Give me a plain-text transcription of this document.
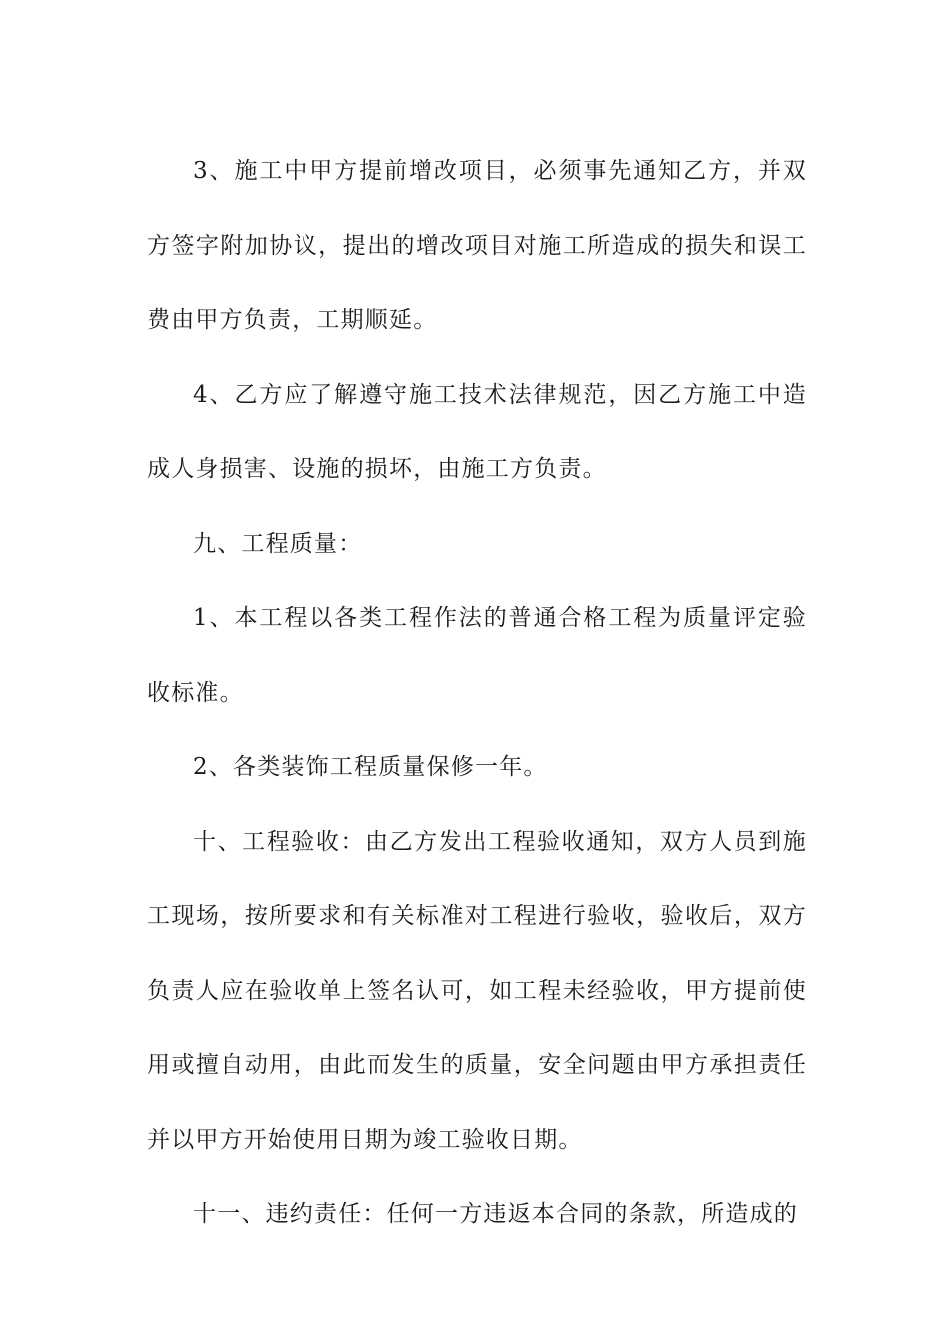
3、施工中甲方提前增改项目，必须事先通知乙方，并双方签字附加协议，提出的增改项目对施工所造成的损失和误工费由甲方负责，工期顺延。

4、乙方应了解遵守施工技术法律规范，因乙方施工中造成人身损害、设施的损坏，由施工方负责。

九、工程质量：

1、本工程以各类工程作法的普通合格工程为质量评定验收标准。

2、各类装饰工程质量保修一年。

十、工程验收：由乙方发出工程验收通知，双方人员到施工现场，按所要求和有关标准对工程进行验收，验收后，双方负责人应在验收单上签名认可，如工程未经验收，甲方提前使用或擅自动用，由此而发生的质量，安全问题由甲方承担责任并以甲方开始使用日期为竣工验收日期。

十一、违约责任：任何一方违返本合同的条款，所造成的
